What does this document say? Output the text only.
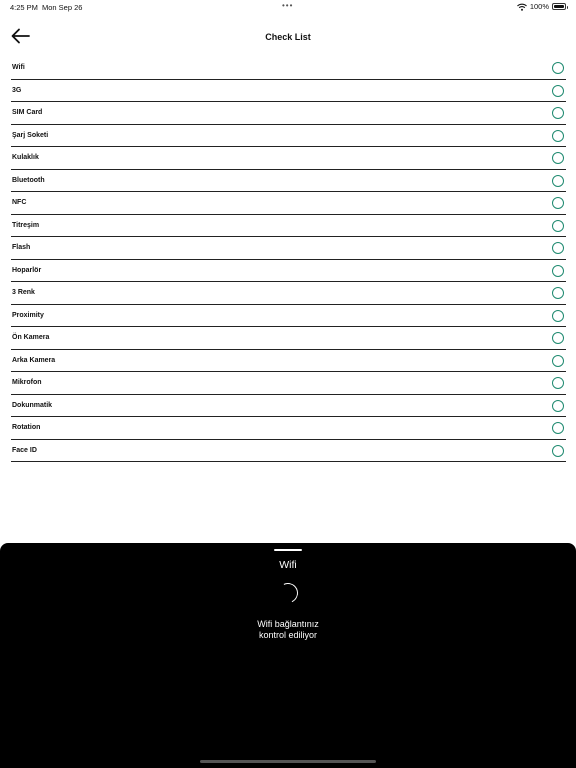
4:25 PM Mon Sep 26	•••	100%
Check List
Wifi
3G
SIM Card
Şarj Soketi
Kulaklık
Bluetooth
NFC
Titreşim
Flash
Hoparlör
3 Renk
Proximity
Ön Kamera
Arka Kamera
Mikrofon
Dokunmatik
Rotation
Face ID
Wifi
Wifi bağlantınız
kontrol ediliyor
